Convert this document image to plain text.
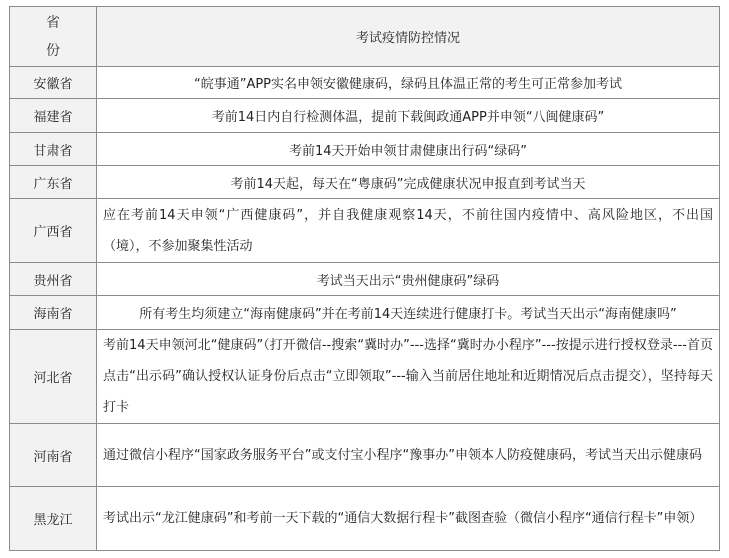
省
份	考试疫情防控情况
安徽省	“皖事通”APP实名申领安徽健康码，绿码且体温正常的考生可正常参加考试
福建省	考前14日内自行检测体温，提前下载闽政通APP并申领“八闽健康码”
甘肃省	考前14天开始申领甘肃健康出行码“绿码”
广东省	考前14天起，每天在“粤康码”完成健康状况申报直到考试当天
广西省	应在考前14天申领“广西健康码”，并自我健康观察14天，不前往国内疫情中、高风险地区，不出国（境），不参加聚集性活动
贵州省	考试当天出示“贵州健康码”绿码
海南省	所有考生均须建立“海南健康码”并在考前14天连续进行健康打卡。考试当天出示“海南健康吗”
河北省	考前14天申领河北“健康码”（打开微信--搜索“冀时办”---选择“冀时办小程序”---按提示进行授权登录---首页点击“出示码”确认授权认证身份后点击“立即领取”---输入当前居住地址和近期情况后点击提交），坚持每天打卡
河南省	通过微信小程序“国家政务服务平台”或支付宝小程序“豫事办”申领本人防疫健康码，考试当天出示健康码
黑龙江	考试出示“龙江健康码”和考前一天下载的“通信大数据行程卡”截图查验（微信小程序“通信行程卡”申领）
